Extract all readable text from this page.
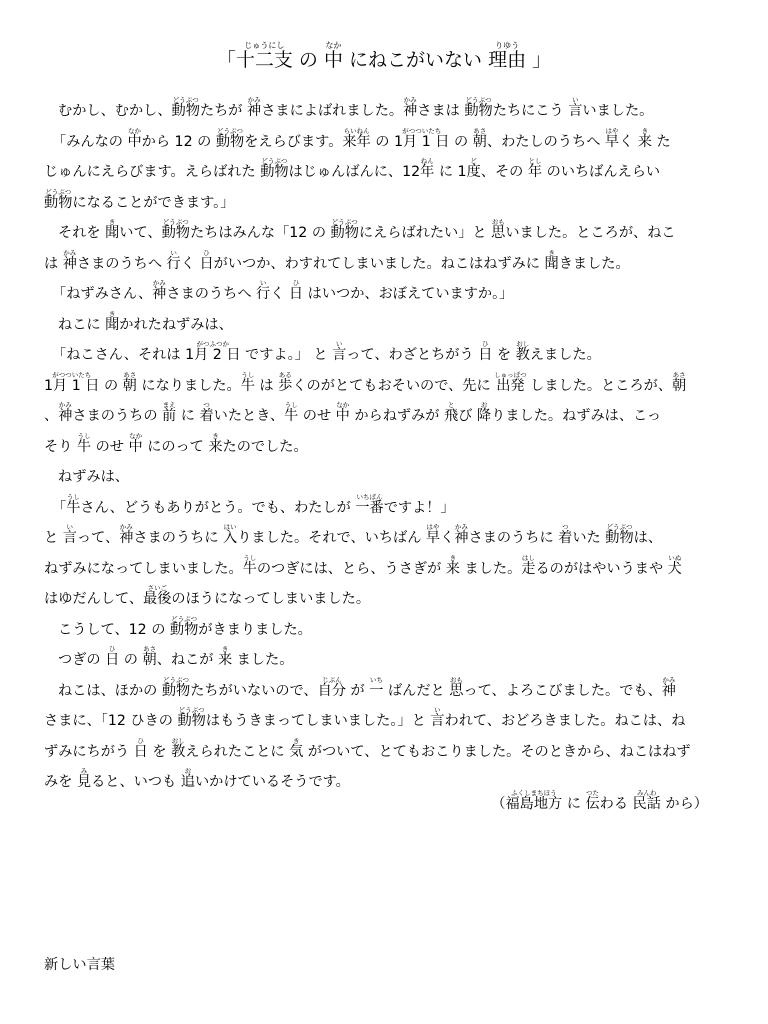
「十二支じゅうにし の 中なか にねこがいない 理由りゆう 」
むかし、むかし、動物どうぶつたちが 神かみさまによばれました。神かみさまは 動物どうぶつたちにこう 言いいました。
「みんなの 中なかから 12 の 動物どうぶつをえらびます。来年らいねん の 1月 1 日がつついたち の 朝あさ、わたしのうちへ 早はやく 来き た
じゅんにえらびます。えらばれた 動物どうぶつはじゅんばんに、12年ねん に 1度ど、その 年とし のいちばんえらい
動物どうぶつになることができます。」
それを 聞きいて、動物どうぶつたちはみんな「12 の 動物どうぶつにえらばれたい」と 思おもいました。ところが、ねこ
は 神かみさまのうちへ 行いく 日ひがいつか、わすれてしまいました。ねこはねずみに 聞ききました。
「ねずみさん、神かみさまのうちへ 行いく 日ひ はいつか、おぼえていますか。」
ねこに 聞きかれたねずみは、
「ねこさん、それは 1月 2 日がつふつか ですよ。」 と 言いって、わざとちがう 日ひ を 教おしえました。
1月 1 日がつついたち の 朝あさ になりました。牛うし は 歩あるくのがとてもおそいので、先に 出発しゅっぱつ しました。ところが、朝あさ
、神かみさまのうちの 前まえ に 着ついたとき、牛うし のせ 中なか からねずみが 飛とび 降おりました。ねずみは、こっ
そり 牛うし のせ 中なか にのって 来きたのでした。
ねずみは、
「牛うしさん、どうもありがとう。でも、わたしが 一番いちばんですよ！」
と 言いって、神かみさまのうちに 入はいりました。それで、いちばん 早はやく神かみさまのうちに 着ついた 動物どうぶつは、
ねずみになってしまいました。牛うしのつぎには、とら、うさぎが 来き ました。走はしるのがはやいうまや 犬いぬ
はゆだんして、最後さいごのほうになってしまいました。
こうして、12 の 動物どうぶつがきまりました。
つぎの 日ひ の 朝あさ、ねこが 来き ました。
ねこは、ほかの 動物どうぶつたちがいないので、自分じぶん が 一いち ばんだと 思おもって、よろこびました。でも、神かみ
さまに、「12 ひきの 動物どうぶつはもうきまってしまいました。」と 言いわれて、おどろきました。ねこは、ね
ずみにちがう 日ひ を 教おしえられたことに 気き がついて、とてもおこりました。そのときから、ねこはねず
みを 見みると、いつも 追おいかけているそうです。
（福島地方ふくしまちほう に 伝つたわる 民話みんわ から）
新しい言葉
